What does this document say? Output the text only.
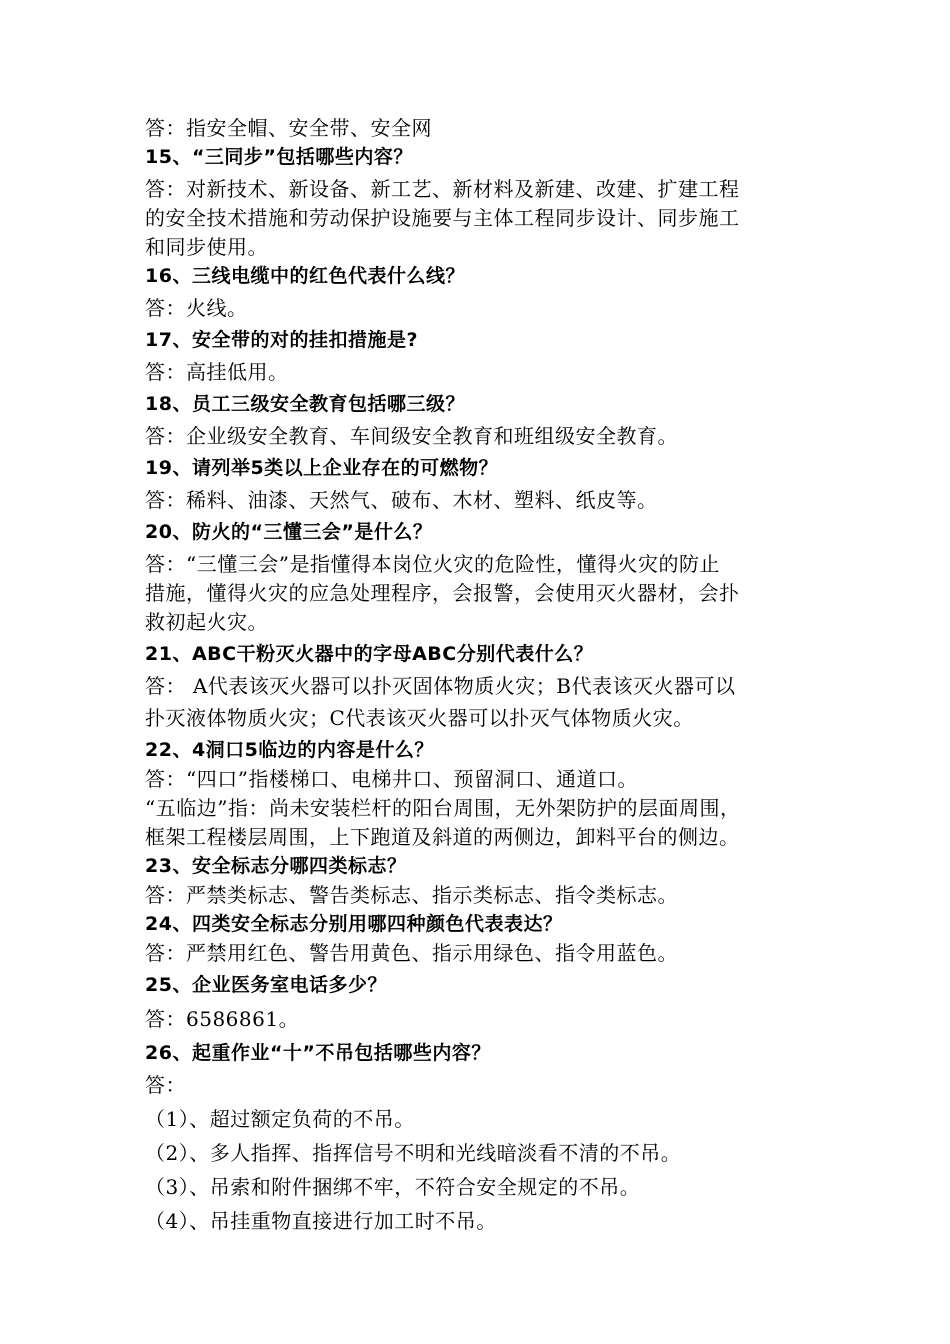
答：指安全帽、安全带、安全网
15、“三同步”包括哪些内容？
答：对新技术、新设备、新工艺、新材料及新建、改建、扩建工程
的安全技术措施和劳动保护设施要与主体工程同步设计、同步施工
和同步使用。
16、三线电缆中的红色代表什么线？
答：火线。
17、安全带的对的挂扣措施是?
答：高挂低用。
18、员工三级安全教育包括哪三级？
答：企业级安全教育、车间级安全教育和班组级安全教育。
19、请列举5类以上企业存在的可燃物？
答：稀料、油漆、天然气、破布、木材、塑料、纸皮等。
20、防火的“三懂三会”是什么？
答：“三懂三会”是指懂得本岗位火灾的危险性，懂得火灾的防止
措施，懂得火灾的应急处理程序，会报警，会使用灭火器材，会扑
救初起火灾。
21、ABC干粉灭火器中的字母ABC分别代表什么？
答： A代表该灭火器可以扑灭固体物质火灾；B代表该灭火器可以
扑灭液体物质火灾；C代表该灭火器可以扑灭气体物质火灾。
22、4洞口5临边的内容是什么？
答：“四口”指楼梯口、电梯井口、预留洞口、通道口。
“五临边”指：尚未安装栏杆的阳台周围，无外架防护的层面周围，
框架工程楼层周围，上下跑道及斜道的两侧边，卸料平台的侧边。
23、安全标志分哪四类标志？
答：严禁类标志、警告类标志、指示类标志、指令类标志。
24、四类安全标志分别用哪四种颜色代表表达？
答：严禁用红色、警告用黄色、指示用绿色、指令用蓝色。
25、企业医务室电话多少？
答：6586861。
26、起重作业“十”不吊包括哪些内容？
答：
（1）、超过额定负荷的不吊。
（2）、多人指挥、指挥信号不明和光线暗淡看不清的不吊。
（3）、吊索和附件捆绑不牢，不符合安全规定的不吊。
（4）、吊挂重物直接进行加工时不吊。
